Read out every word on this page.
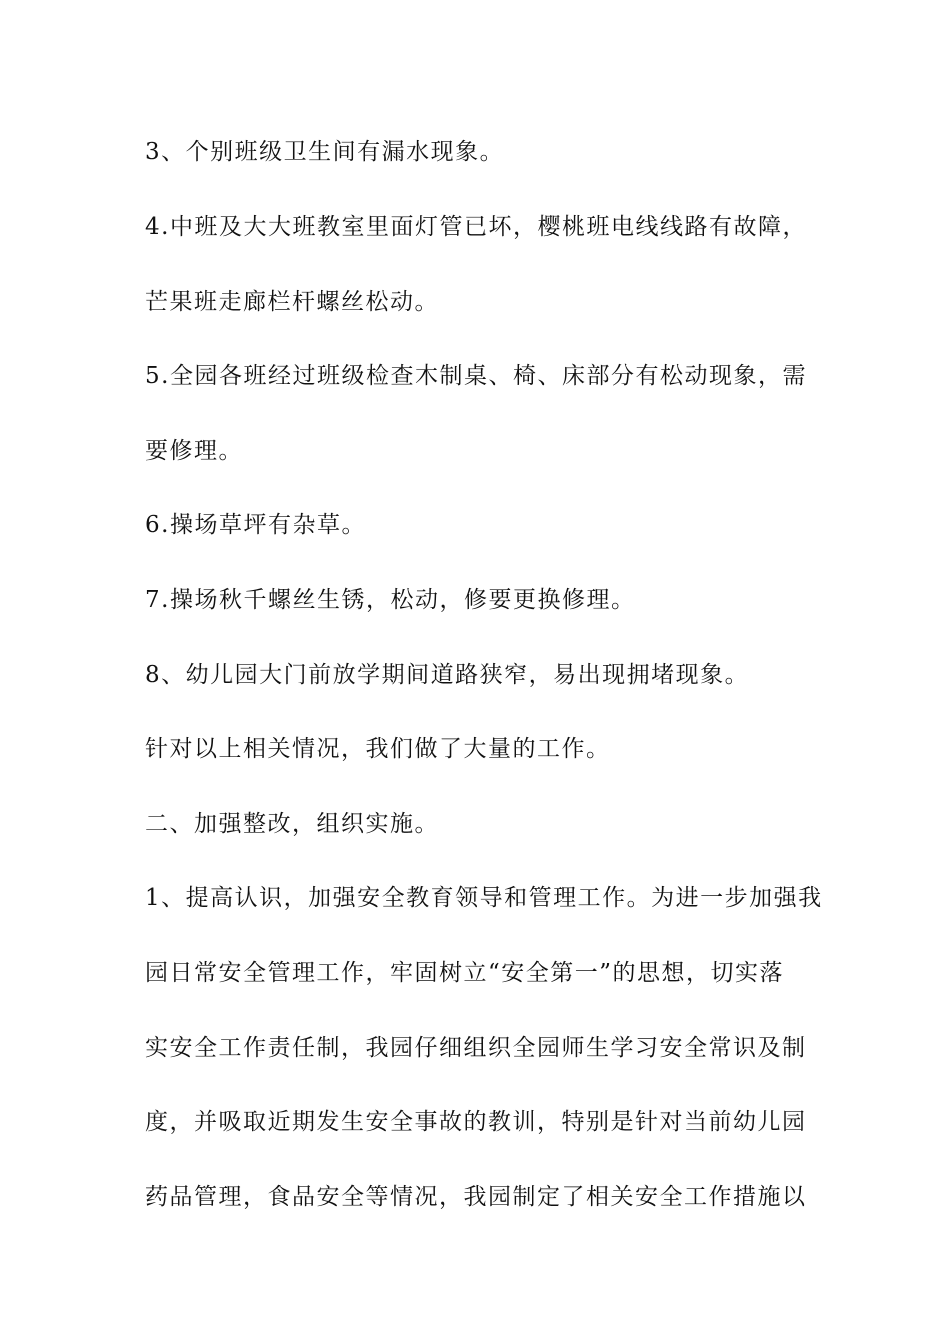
3、个别班级卫生间有漏水现象。
4.中班及大大班教室里面灯管已坏，樱桃班电线线路有故障，
芒果班走廊栏杆螺丝松动。
5.全园各班经过班级检查木制桌、椅、床部分有松动现象，需
要修理。
6.操场草坪有杂草。
7.操场秋千螺丝生锈，松动，修要更换修理。
8、幼儿园大门前放学期间道路狭窄，易出现拥堵现象。
针对以上相关情况，我们做了大量的工作。
二、加强整改，组织实施。
1、提高认识，加强安全教育领导和管理工作。为进一步加强我
园日常安全管理工作，牢固树立“安全第一”的思想，切实落
实安全工作责任制，我园仔细组织全园师生学习安全常识及制
度，并吸取近期发生安全事故的教训，特别是针对当前幼儿园
药品管理，食品安全等情况，我园制定了相关安全工作措施以
